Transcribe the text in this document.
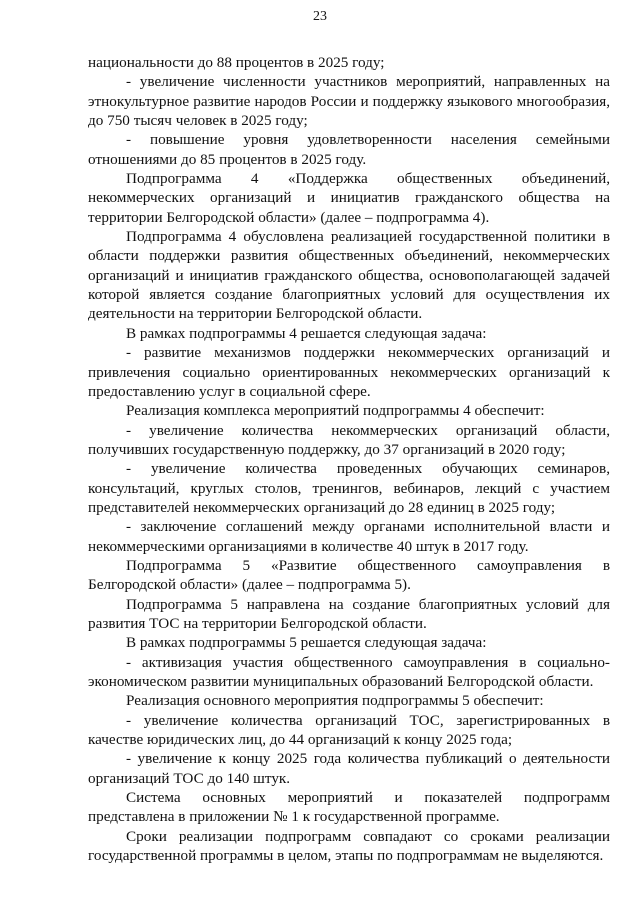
23

национальности до 88 процентов в 2025 году;

- увеличение численности участников мероприятий, направленных на этнокультурное развитие народов России и поддержку языкового многообразия, до 750 тысяч человек в 2025 году;

- повышение уровня удовлетворенности населения семейными отношениями до 85 процентов в 2025 году.

Подпрограмма 4 «Поддержка общественных объединений, некоммерческих организаций и инициатив гражданского общества на территории Белгородской области» (далее – подпрограмма 4).

Подпрограмма 4 обусловлена реализацией государственной политики в области поддержки развития общественных объединений, некоммерческих организаций и инициатив гражданского общества, основополагающей задачей которой является создание благоприятных условий для осуществления их деятельности на территории Белгородской области.

В рамках подпрограммы 4 решается следующая задача:

- развитие механизмов поддержки некоммерческих организаций и привлечения социально ориентированных некоммерческих организаций к предоставлению услуг в социальной сфере.

Реализация комплекса мероприятий подпрограммы 4 обеспечит:

- увеличение количества некоммерческих организаций области, получивших государственную поддержку, до 37 организаций в 2020 году;

- увеличение количества проведенных обучающих семинаров, консультаций, круглых столов, тренингов, вебинаров, лекций с участием представителей некоммерческих организаций до 28 единиц в 2025 году;

- заключение соглашений между органами исполнительной власти и некоммерческими организациями в количестве 40 штук в 2017 году.

Подпрограмма 5 «Развитие общественного самоуправления в Белгородской области» (далее – подпрограмма 5).

Подпрограмма 5 направлена на создание благоприятных условий для развития ТОС на территории Белгородской области.

В рамках подпрограммы 5 решается следующая задача:

- активизация участия общественного самоуправления в социально-экономическом развитии муниципальных образований Белгородской области.

Реализация основного мероприятия подпрограммы 5 обеспечит:

- увеличение количества организаций ТОС, зарегистрированных в качестве юридических лиц, до 44 организаций к концу 2025 года;

- увеличение к концу 2025 года количества публикаций о деятельности организаций ТОС до 140 штук.

Система основных мероприятий и показателей подпрограмм представлена в приложении № 1 к государственной программе.

Сроки реализации подпрограмм совпадают со сроками реализации государственной программы в целом, этапы по подпрограммам не выделяются.
